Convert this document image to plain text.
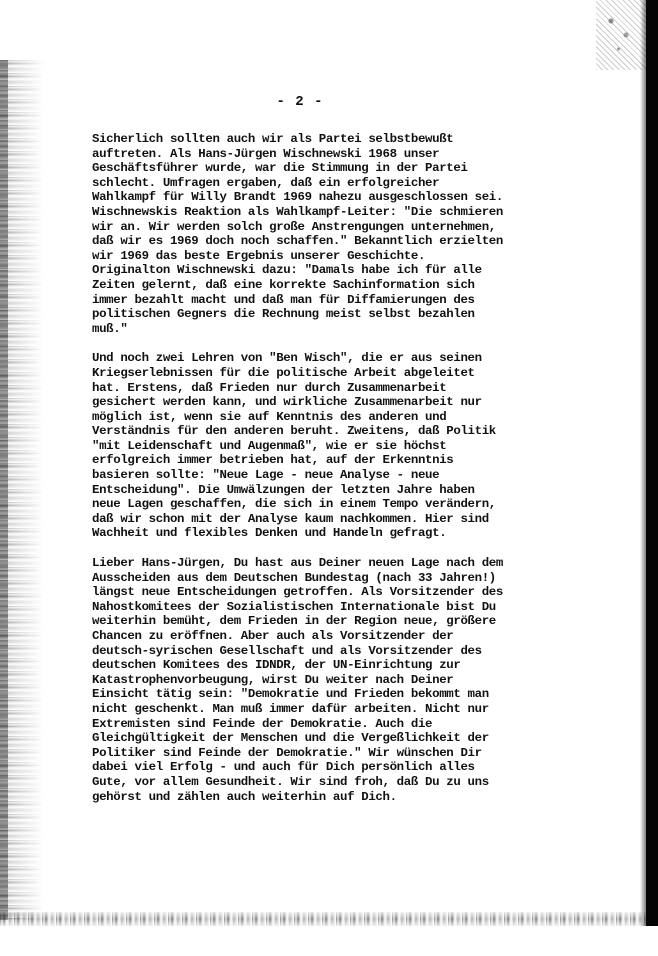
- 2 -
Sicherlich sollten auch wir als Partei selbstbewußt
auftreten. Als Hans-Jürgen Wischnewski 1968 unser
Geschäftsführer wurde, war die Stimmung in der Partei
schlecht. Umfragen ergaben, daß ein erfolgreicher
Wahlkampf für Willy Brandt 1969 nahezu ausgeschlossen sei.
Wischnewskis Reaktion als Wahlkampf-Leiter: "Die schmieren
wir an. Wir werden solch große Anstrengungen unternehmen,
daß wir es 1969 doch noch schaffen." Bekanntlich erzielten
wir 1969 das beste Ergebnis unserer Geschichte.
Originalton Wischnewski dazu: "Damals habe ich für alle
Zeiten gelernt, daß eine korrekte Sachinformation sich
immer bezahlt macht und daß man für Diffamierungen des
politischen Gegners die Rechnung meist selbst bezahlen
muß."
Und noch zwei Lehren von "Ben Wisch", die er aus seinen
Kriegserlebnissen für die politische Arbeit abgeleitet
hat. Erstens, daß Frieden nur durch Zusammenarbeit
gesichert werden kann, und wirkliche Zusammenarbeit nur
möglich ist, wenn sie auf Kenntnis des anderen und
Verständnis für den anderen beruht. Zweitens, daß Politik
"mit Leidenschaft und Augenmaß", wie er sie höchst
erfolgreich immer betrieben hat, auf der Erkenntnis
basieren sollte: "Neue Lage - neue Analyse - neue
Entscheidung". Die Umwälzungen der letzten Jahre haben
neue Lagen geschaffen, die sich in einem Tempo verändern,
daß wir schon mit der Analyse kaum nachkommen. Hier sind
Wachheit und flexibles Denken und Handeln gefragt.
Lieber Hans-Jürgen, Du hast aus Deiner neuen Lage nach dem
Ausscheiden aus dem Deutschen Bundestag (nach 33 Jahren!)
längst neue Entscheidungen getroffen. Als Vorsitzender des
Nahostkomitees der Sozialistischen Internationale bist Du
weiterhin bemüht, dem Frieden in der Region neue, größere
Chancen zu eröffnen. Aber auch als Vorsitzender der
deutsch-syrischen Gesellschaft und als Vorsitzender des
deutschen Komitees des IDNDR, der UN-Einrichtung zur
Katastrophenvorbeugung, wirst Du weiter nach Deiner
Einsicht tätig sein: "Demokratie und Frieden bekommt man
nicht geschenkt. Man muß immer dafür arbeiten. Nicht nur
Extremisten sind Feinde der Demokratie. Auch die
Gleichgültigkeit der Menschen und die Vergeßlichkeit der
Politiker sind Feinde der Demokratie." Wir wünschen Dir
dabei viel Erfolg - und auch für Dich persönlich alles
Gute, vor allem Gesundheit. Wir sind froh, daß Du zu uns
gehörst und zählen auch weiterhin auf Dich.
